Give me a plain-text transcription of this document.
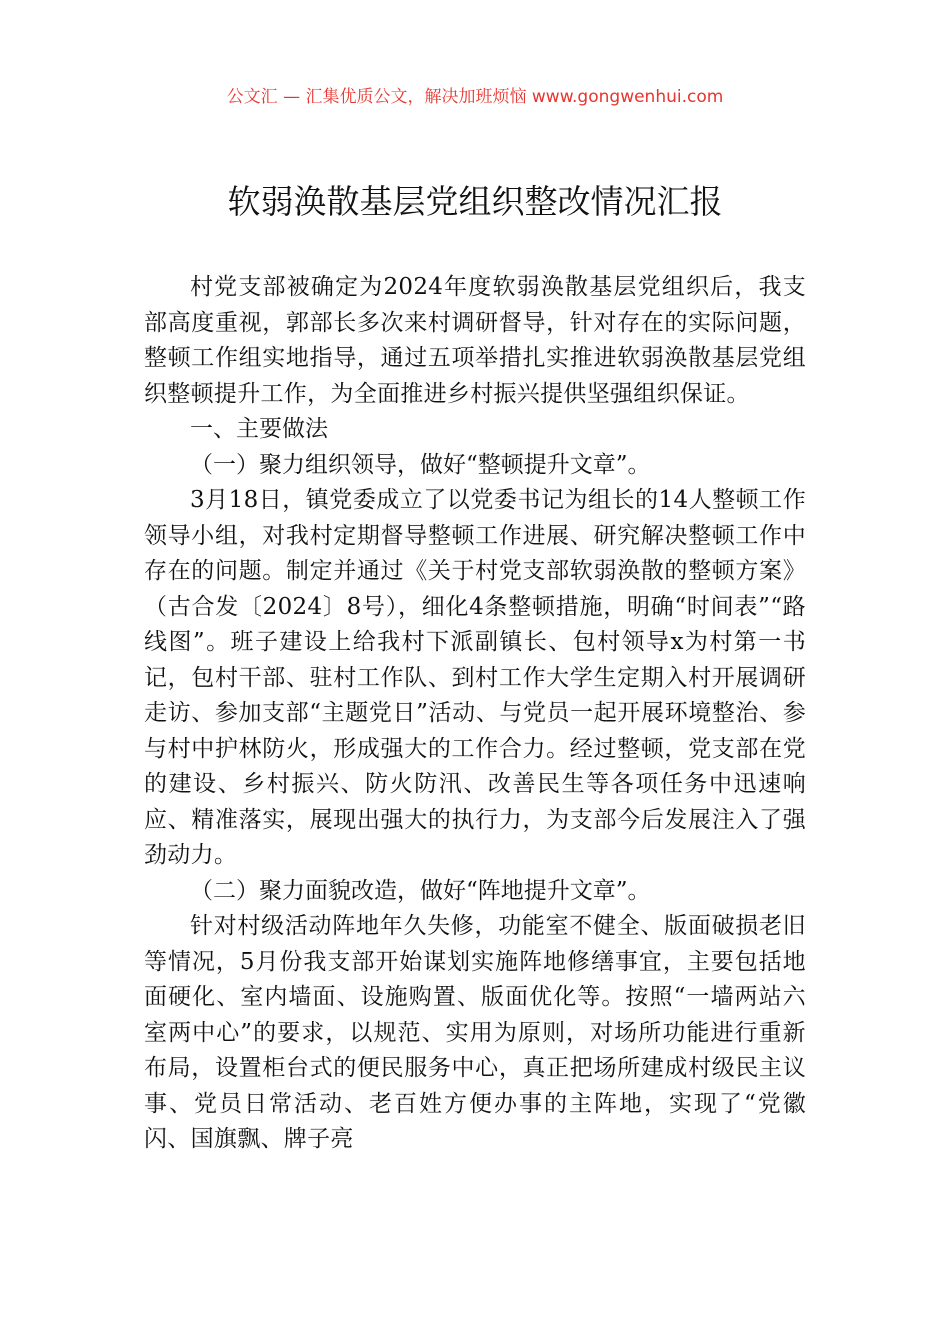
公文汇 — 汇集优质公文，解决加班烦恼 www.gongwenhui.com
软弱涣散基层党组织整改情况汇报

村党支部被确定为2024年度软弱涣散基层党组织后，我支部高度重视，郭部长多次来村调研督导，针对存在的实际问题，整顿工作组实地指导，通过五项举措扎实推进软弱涣散基层党组织整顿提升工作，为全面推进乡村振兴提供坚强组织保证。

一、主要做法

（一）聚力组织领导，做好“整顿提升文章”。

3月18日，镇党委成立了以党委书记为组长的14人整顿工作领导小组，对我村定期督导整顿工作进展、研究解决整顿工作中存在的问题。制定并通过《关于村党支部软弱涣散的整顿方案》（古合发〔2024〕8号），细化4条整顿措施，明确“时间表”“路线图”。班子建设上给我村下派副镇长、包村领导x为村第一书记，包村干部、驻村工作队、到村工作大学生定期入村开展调研走访、参加支部“主题党日”活动、与党员一起开展环境整治、参与村中护林防火，形成强大的工作合力。经过整顿，党支部在党的建设、乡村振兴、防火防汛、改善民生等各项任务中迅速响应、精准落实，展现出强大的执行力，为支部今后发展注入了强劲动力。

（二）聚力面貌改造，做好“阵地提升文章”。

针对村级活动阵地年久失修，功能室不健全、版面破损老旧等情况，5月份我支部开始谋划实施阵地修缮事宜，主要包括地面硬化、室内墙面、设施购置、版面优化等。按照“一墙两站六室两中心”的要求，以规范、实用为原则，对场所功能进行重新布局，设置柜台式的便民服务中心，真正把场所建成村级民主议事、党员日常活动、老百姓方便办事的主阵地，实现了“党徽闪、国旗飘、牌子亮
